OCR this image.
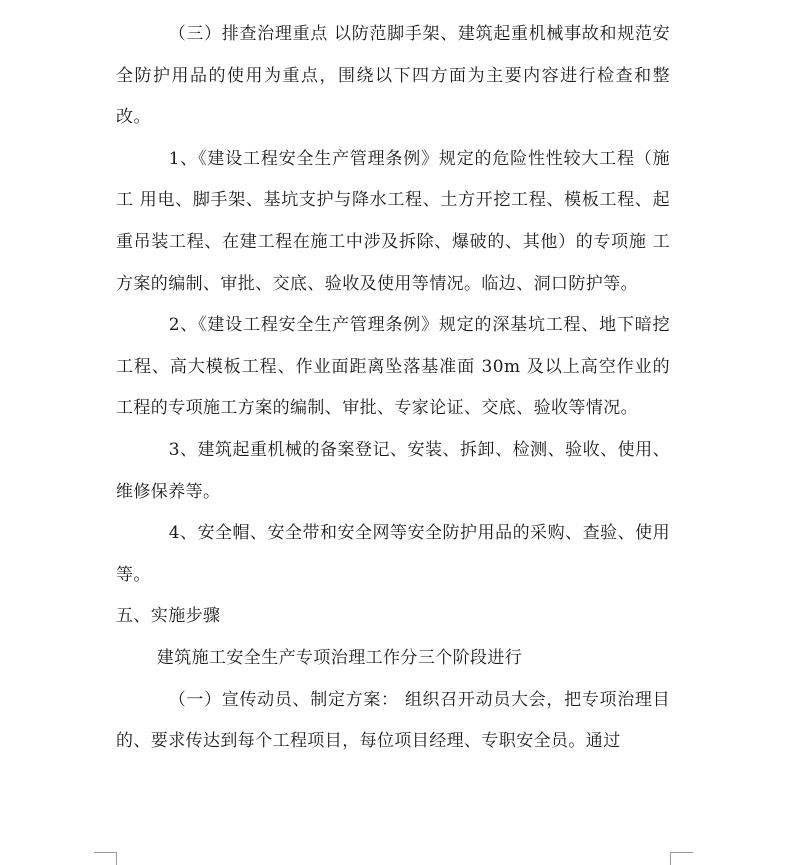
（三）排查治理重点 以防范脚手架、建筑起重机械事故和规范安全防护用品的使用为重点，围绕以下四方面为主要内容进行检查和整改。

1、《建设工程安全生产管理条例》规定的危险性性较大工程（施工 用电、脚手架、基坑支护与降水工程、土方开挖工程、模板工程、起 重吊装工程、在建工程在施工中涉及拆除、爆破的、其他）的专项施 工方案的编制、审批、交底、验收及使用等情况。临边、洞口防护等。

2、《建设工程安全生产管理条例》规定的深基坑工程、地下暗挖工程、高大模板工程、作业面距离坠落基准面 30m 及以上高空作业的工程的专项施工方案的编制、审批、专家论证、交底、验收等情况。

3、建筑起重机械的备案登记、安装、拆卸、检测、验收、使用、维修保养等。

4、安全帽、安全带和安全网等安全防护用品的采购、查验、使用等。

五、实施步骤

建筑施工安全生产专项治理工作分三个阶段进行

（一）宣传动员、制定方案： 组织召开动员大会，把专项治理目的、要求传达到每个工程项目，每位项目经理、专职安全员。通过
